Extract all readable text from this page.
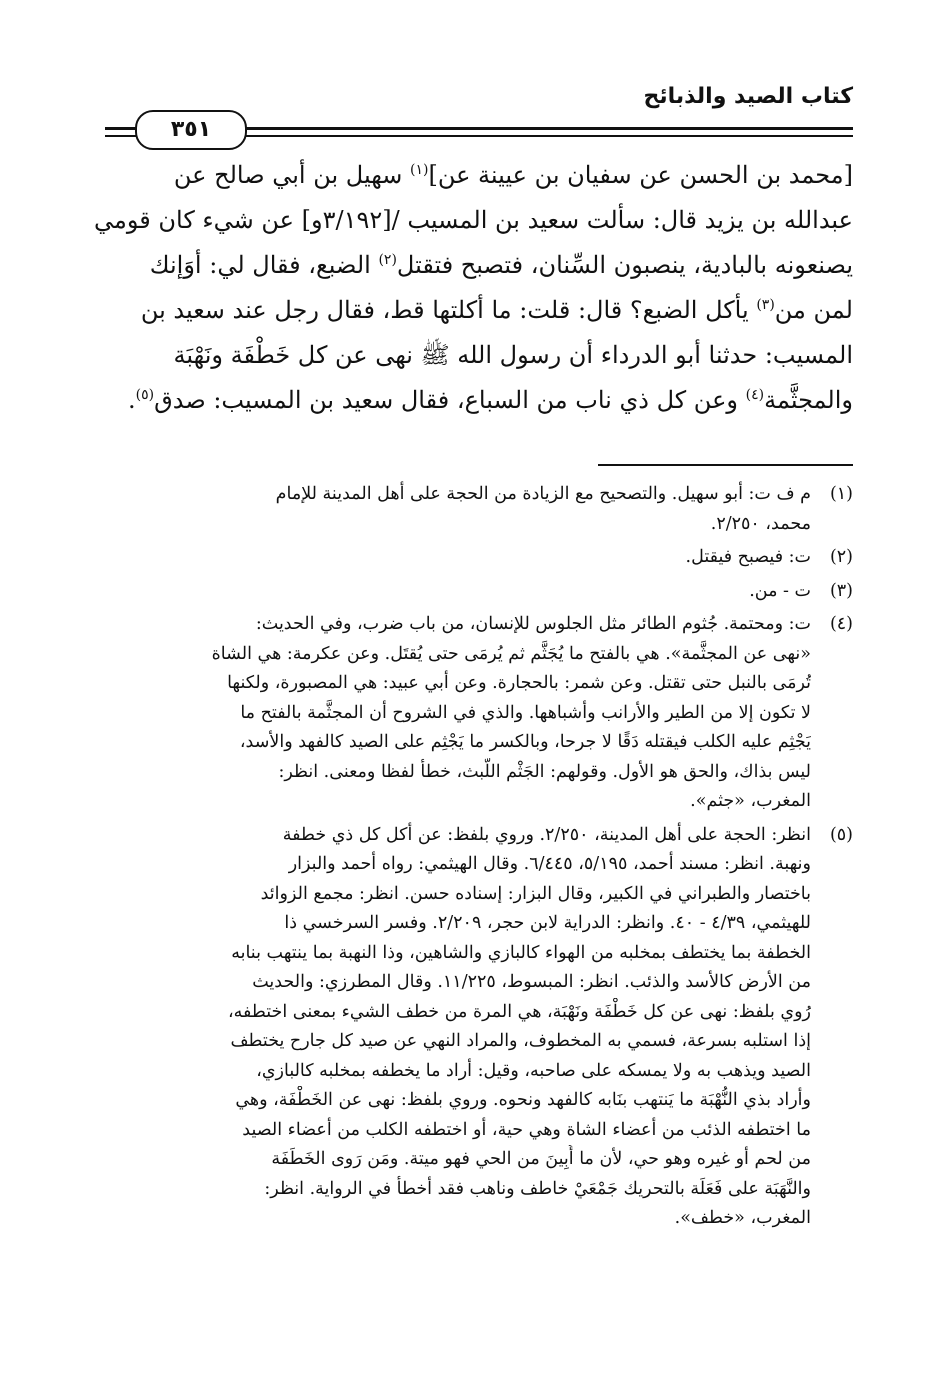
كتاب الصيد والذبائح
٣٥١
[محمد بن الحسن عن سفيان بن عيينة عن]$^{(١)}$ سهيل بن أبي صالح عن
عبدالله بن يزيد قال: سألت سعيد بن المسيب /[٣/١٩٢و] عن شيء كان قومي
يصنعونه بالبادية، ينصبون السِّنان، فتصبح فتقتل$^{(٢)}$ الضبع، فقال لي: أوَإنك
لمن من$^{(٣)}$ يأكل الضبع؟ قال: قلت: ما أكلتها قط، فقال رجل عند سعيد بن
المسيب: حدثنا أبو الدرداء أن رسول الله ﷺ نهى عن كل خَطْفَة ونَهْبَة
والمجثَّمة$^{(٤)}$ وعن كل ذي ناب من السباع، فقال سعيد بن المسيب: صدق$^{(٥)}$.
(١)
م ف ت: أبو سهيل. والتصحيح مع الزيادة من الحجة على أهل المدينة للإمام
محمد، ٢/٢٥٠.
(٢)
ت: فيصبح فيقتل.
(٣)
ت - من.
(٤)
ت: ومحتمة. جُثوم الطائر مثل الجلوس للإنسان، من باب ضرب، وفي الحديث:
«نهى عن المجثَّمة». هي بالفتح ما يُجَثَّم ثم يُرمَى حتى يُقتَل. وعن عكرمة: هي الشاة
تُرمَى بالنبل حتى تقتل. وعن شمر: بالحجارة. وعن أبي عبيد: هي المصبورة، ولكنها
لا تكون إلا من الطير والأرانب وأشباهها. والذي في الشروح أن المجثَّمة بالفتح ما
يَجْثِم عليه الكلب فيقتله دَقًا لا جرحا، وبالكسر ما يَجْثِم على الصيد كالفهد والأسد،
ليس بذاك، والحق هو الأول. وقولهم: الجَثْم اللَّبث، خطأ لفظا ومعنى. انظر:
المغرب، «جثم».
(٥)
انظر: الحجة على أهل المدينة، ٢/٢٥٠. وروي بلفظ: عن أكل كل ذي خطفة
ونهبة. انظر: مسند أحمد، ٥/١٩٥، ٦/٤٤٥. وقال الهيثمي: رواه أحمد والبزار
باختصار والطبراني في الكبير، وقال البزار: إسناده حسن. انظر: مجمع الزوائد
للهيثمي، ٤/٣٩ - ٤٠. وانظر: الدراية لابن حجر، ٢/٢٠٩. وفسر السرخسي ذا
الخطفة بما يختطف بمخلبه من الهواء كالبازي والشاهين، وذا النهبة بما ينتهب بنابه
من الأرض كالأسد والذئب. انظر: المبسوط، ١١/٢٢٥. وقال المطرزي: والحديث
رُوي بلفظ: نهى عن كل خَطْفَة ونَهْبَة، هي المرة من خطف الشيء بمعنى اختطفه،
إذا استلبه بسرعة، فسمي به المخطوف، والمراد النهي عن صيد كل جارح يختطف
الصيد ويذهب به ولا يمسكه على صاحبه، وقيل: أراد ما يخطفه بمخلبه كالبازي،
وأراد بذي النُّهْبَة ما يَنتهب بنَابه كالفهد ونحوه. وروي بلفظ: نهى عن الخَطْفَة، وهي
ما اختطفه الذئب من أعضاء الشاة وهي حية، أو اختطفه الكلب من أعضاء الصيد
من لحم أو غيره وهو حي، لأن ما أُبِينَ من الحي فهو ميتة. ومَن رَوى الخَطَفَة
والنَّهَبَة على فَعَلَة بالتحريك جَمْعَيْ خاطف وناهب فقد أخطأ في الرواية. انظر:
المغرب، «خطف».
